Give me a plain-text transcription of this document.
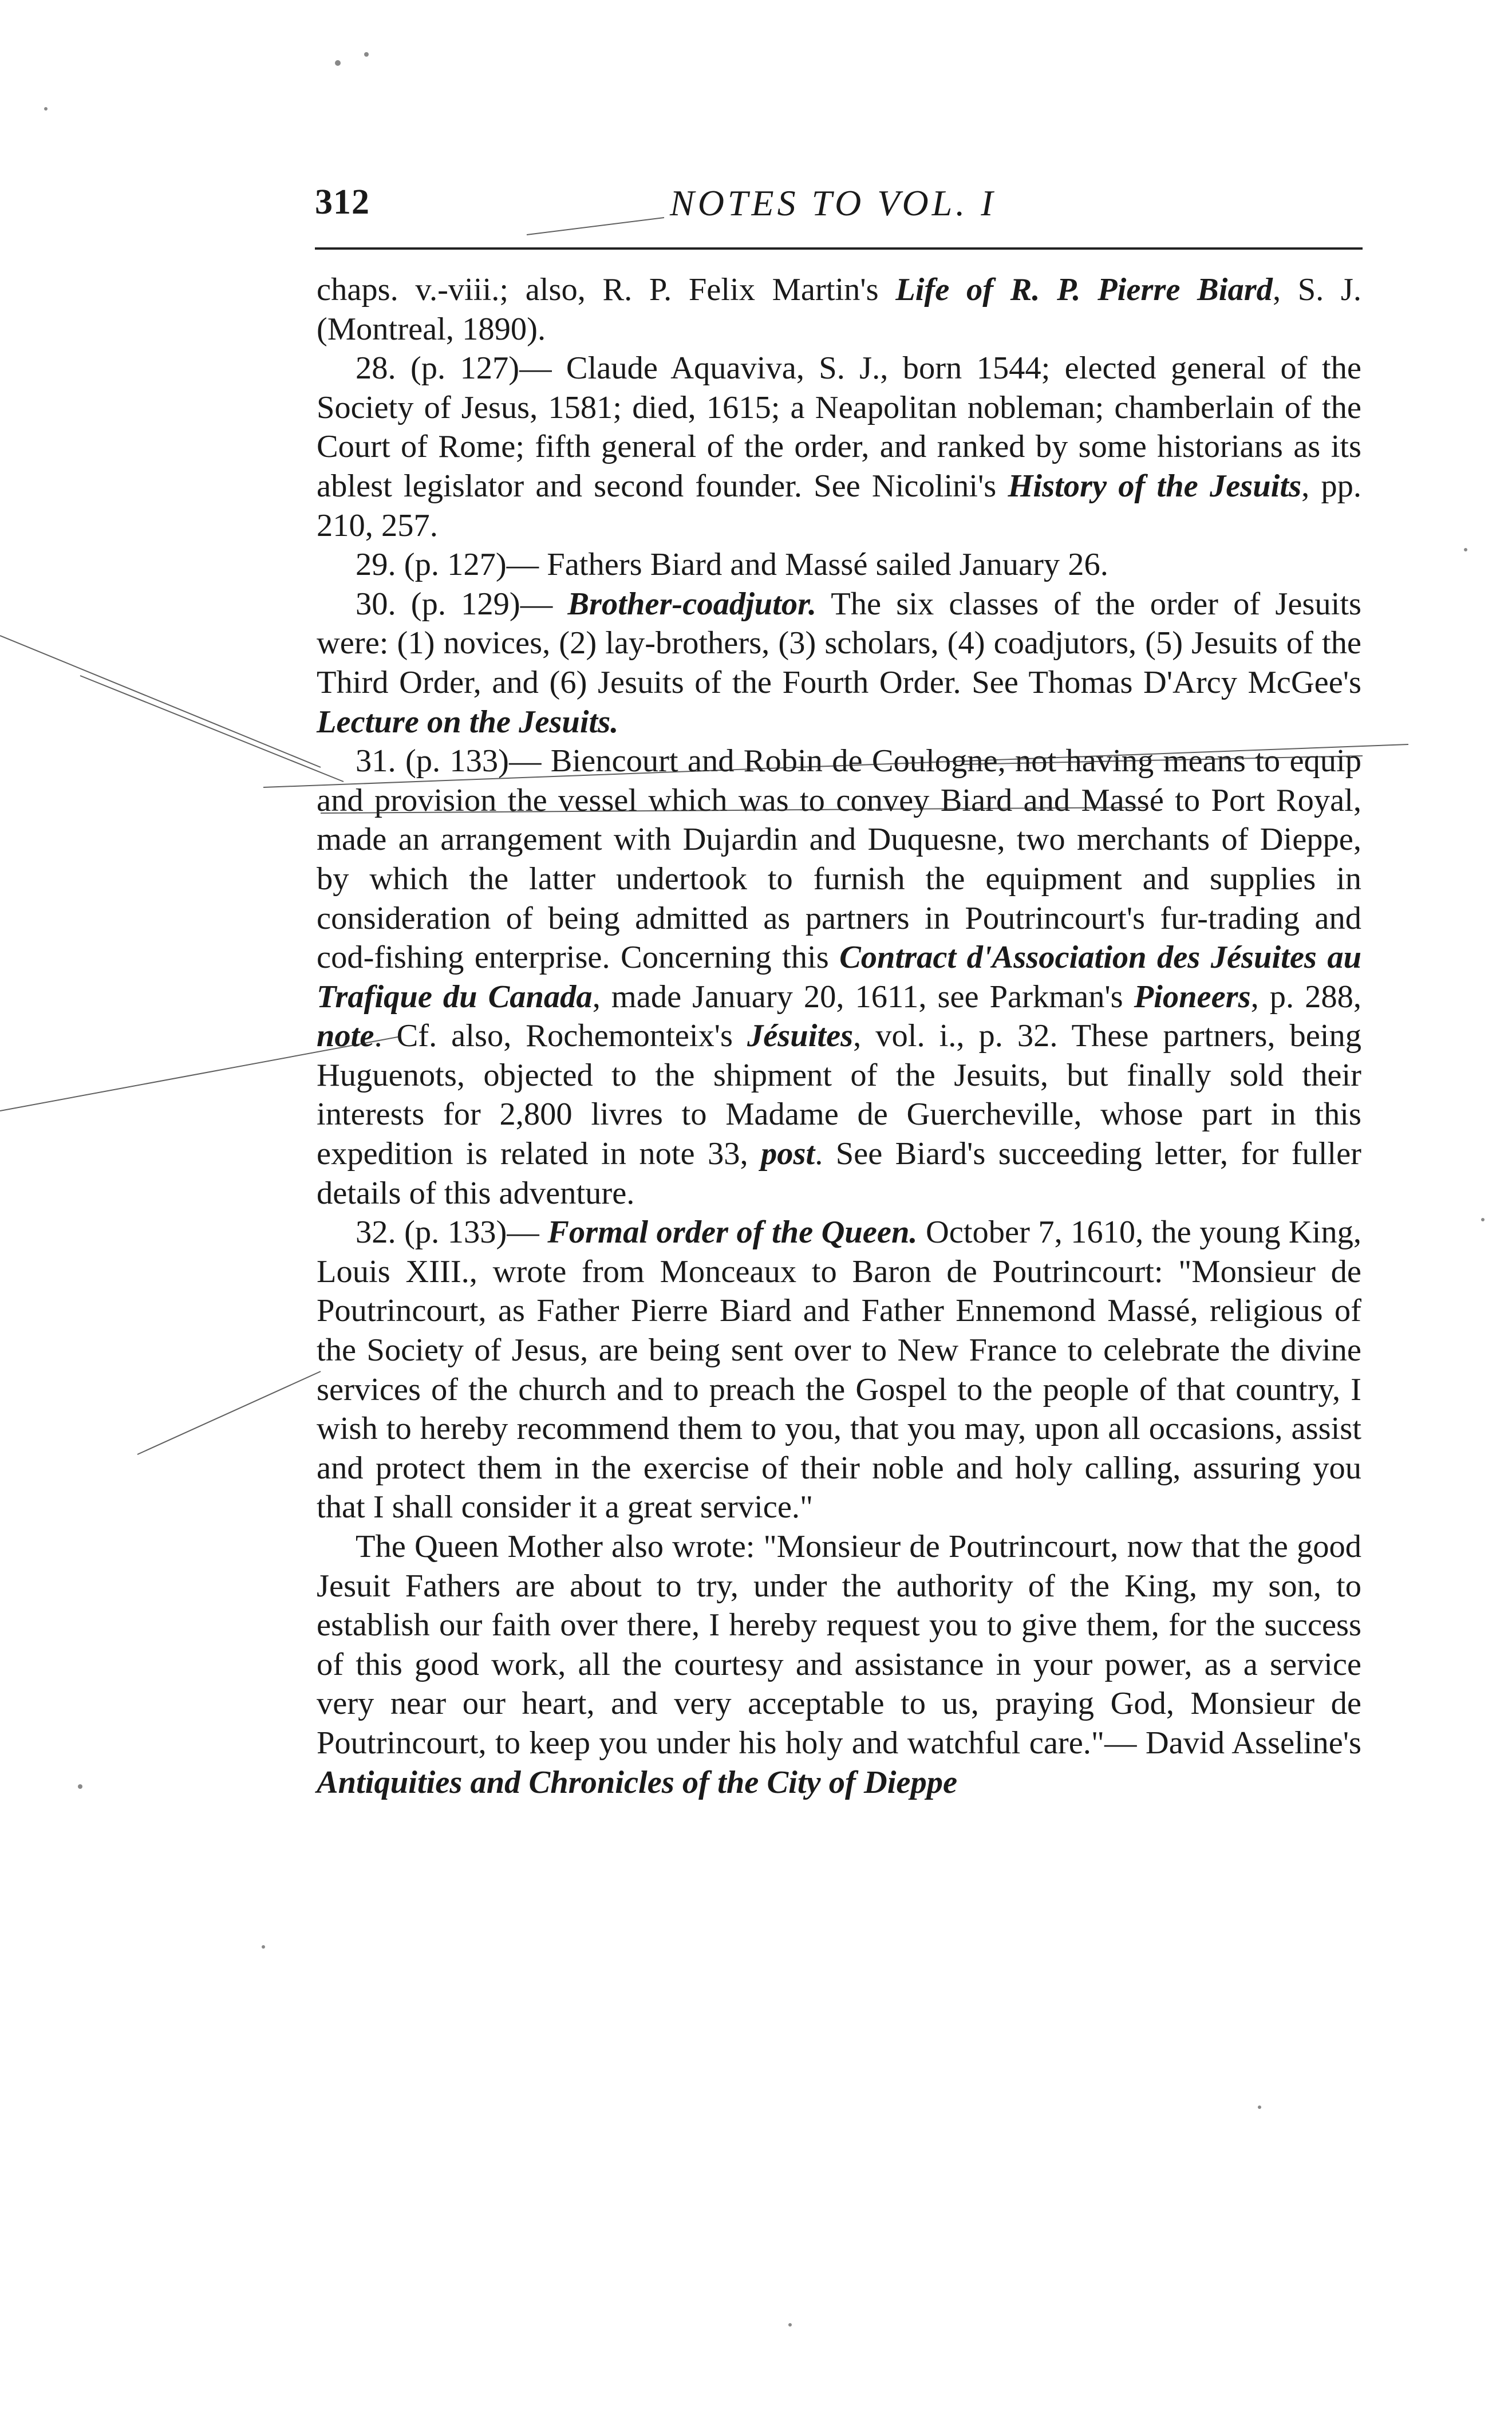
312	NOTES TO VOL. I

chaps. v.-viii.; also, R. P. Felix Martin's Life of R. P. Pierre Biard, S. J. (Montreal, 1890).

28. (p. 127)— Claude Aquaviva, S. J., born 1544; elected general of the Society of Jesus, 1581; died, 1615; a Neapolitan nobleman; chamberlain of the Court of Rome; fifth general of the order, and ranked by some historians as its ablest legislator and second founder. See Nicolini's History of the Jesuits, pp. 210, 257.

29. (p. 127)— Fathers Biard and Massé sailed January 26.

30. (p. 129)— Brother-coadjutor. The six classes of the order of Jesuits were: (1) novices, (2) lay-brothers, (3) scholars, (4) coadjutors, (5) Jesuits of the Third Order, and (6) Jesuits of the Fourth Order. See Thomas D'Arcy McGee's Lecture on the Jesuits.

31. (p. 133)— Biencourt and Robin de Coulogne, not having means to equip and provision the vessel which was to convey Biard and Massé to Port Royal, made an arrangement with Dujardin and Duquesne, two merchants of Dieppe, by which the latter undertook to furnish the equipment and supplies in consideration of being admitted as partners in Poutrincourt's fur-trading and cod-fishing enterprise. Concerning this Contract d'Association des Jésuites au Trafique du Canada, made January 20, 1611, see Parkman's Pioneers, p. 288, note. Cf. also, Rochemonteix's Jésuites, vol. i., p. 32. These partners, being Huguenots, objected to the shipment of the Jesuits, but finally sold their interests for 2,800 livres to Madame de Guercheville, whose part in this expedition is related in note 33, post. See Biard's succeeding letter, for fuller details of this adventure.

32. (p. 133)— Formal order of the Queen. October 7, 1610, the young King, Louis XIII., wrote from Monceaux to Baron de Poutrincourt: "Monsieur de Poutrincourt, as Father Pierre Biard and Father Ennemond Massé, religious of the Society of Jesus, are being sent over to New France to celebrate the divine services of the church and to preach the Gospel to the people of that country, I wish to hereby recommend them to you, that you may, upon all occasions, assist and protect them in the exercise of their noble and holy calling, assuring you that I shall consider it a great service."

The Queen Mother also wrote: "Monsieur de Poutrincourt, now that the good Jesuit Fathers are about to try, under the authority of the King, my son, to establish our faith over there, I hereby request you to give them, for the success of this good work, all the courtesy and assistance in your power, as a service very near our heart, and very acceptable to us, praying God, Monsieur de Poutrincourt, to keep you under his holy and watchful care."— David Asseline's Antiquities and Chronicles of the City of Dieppe
